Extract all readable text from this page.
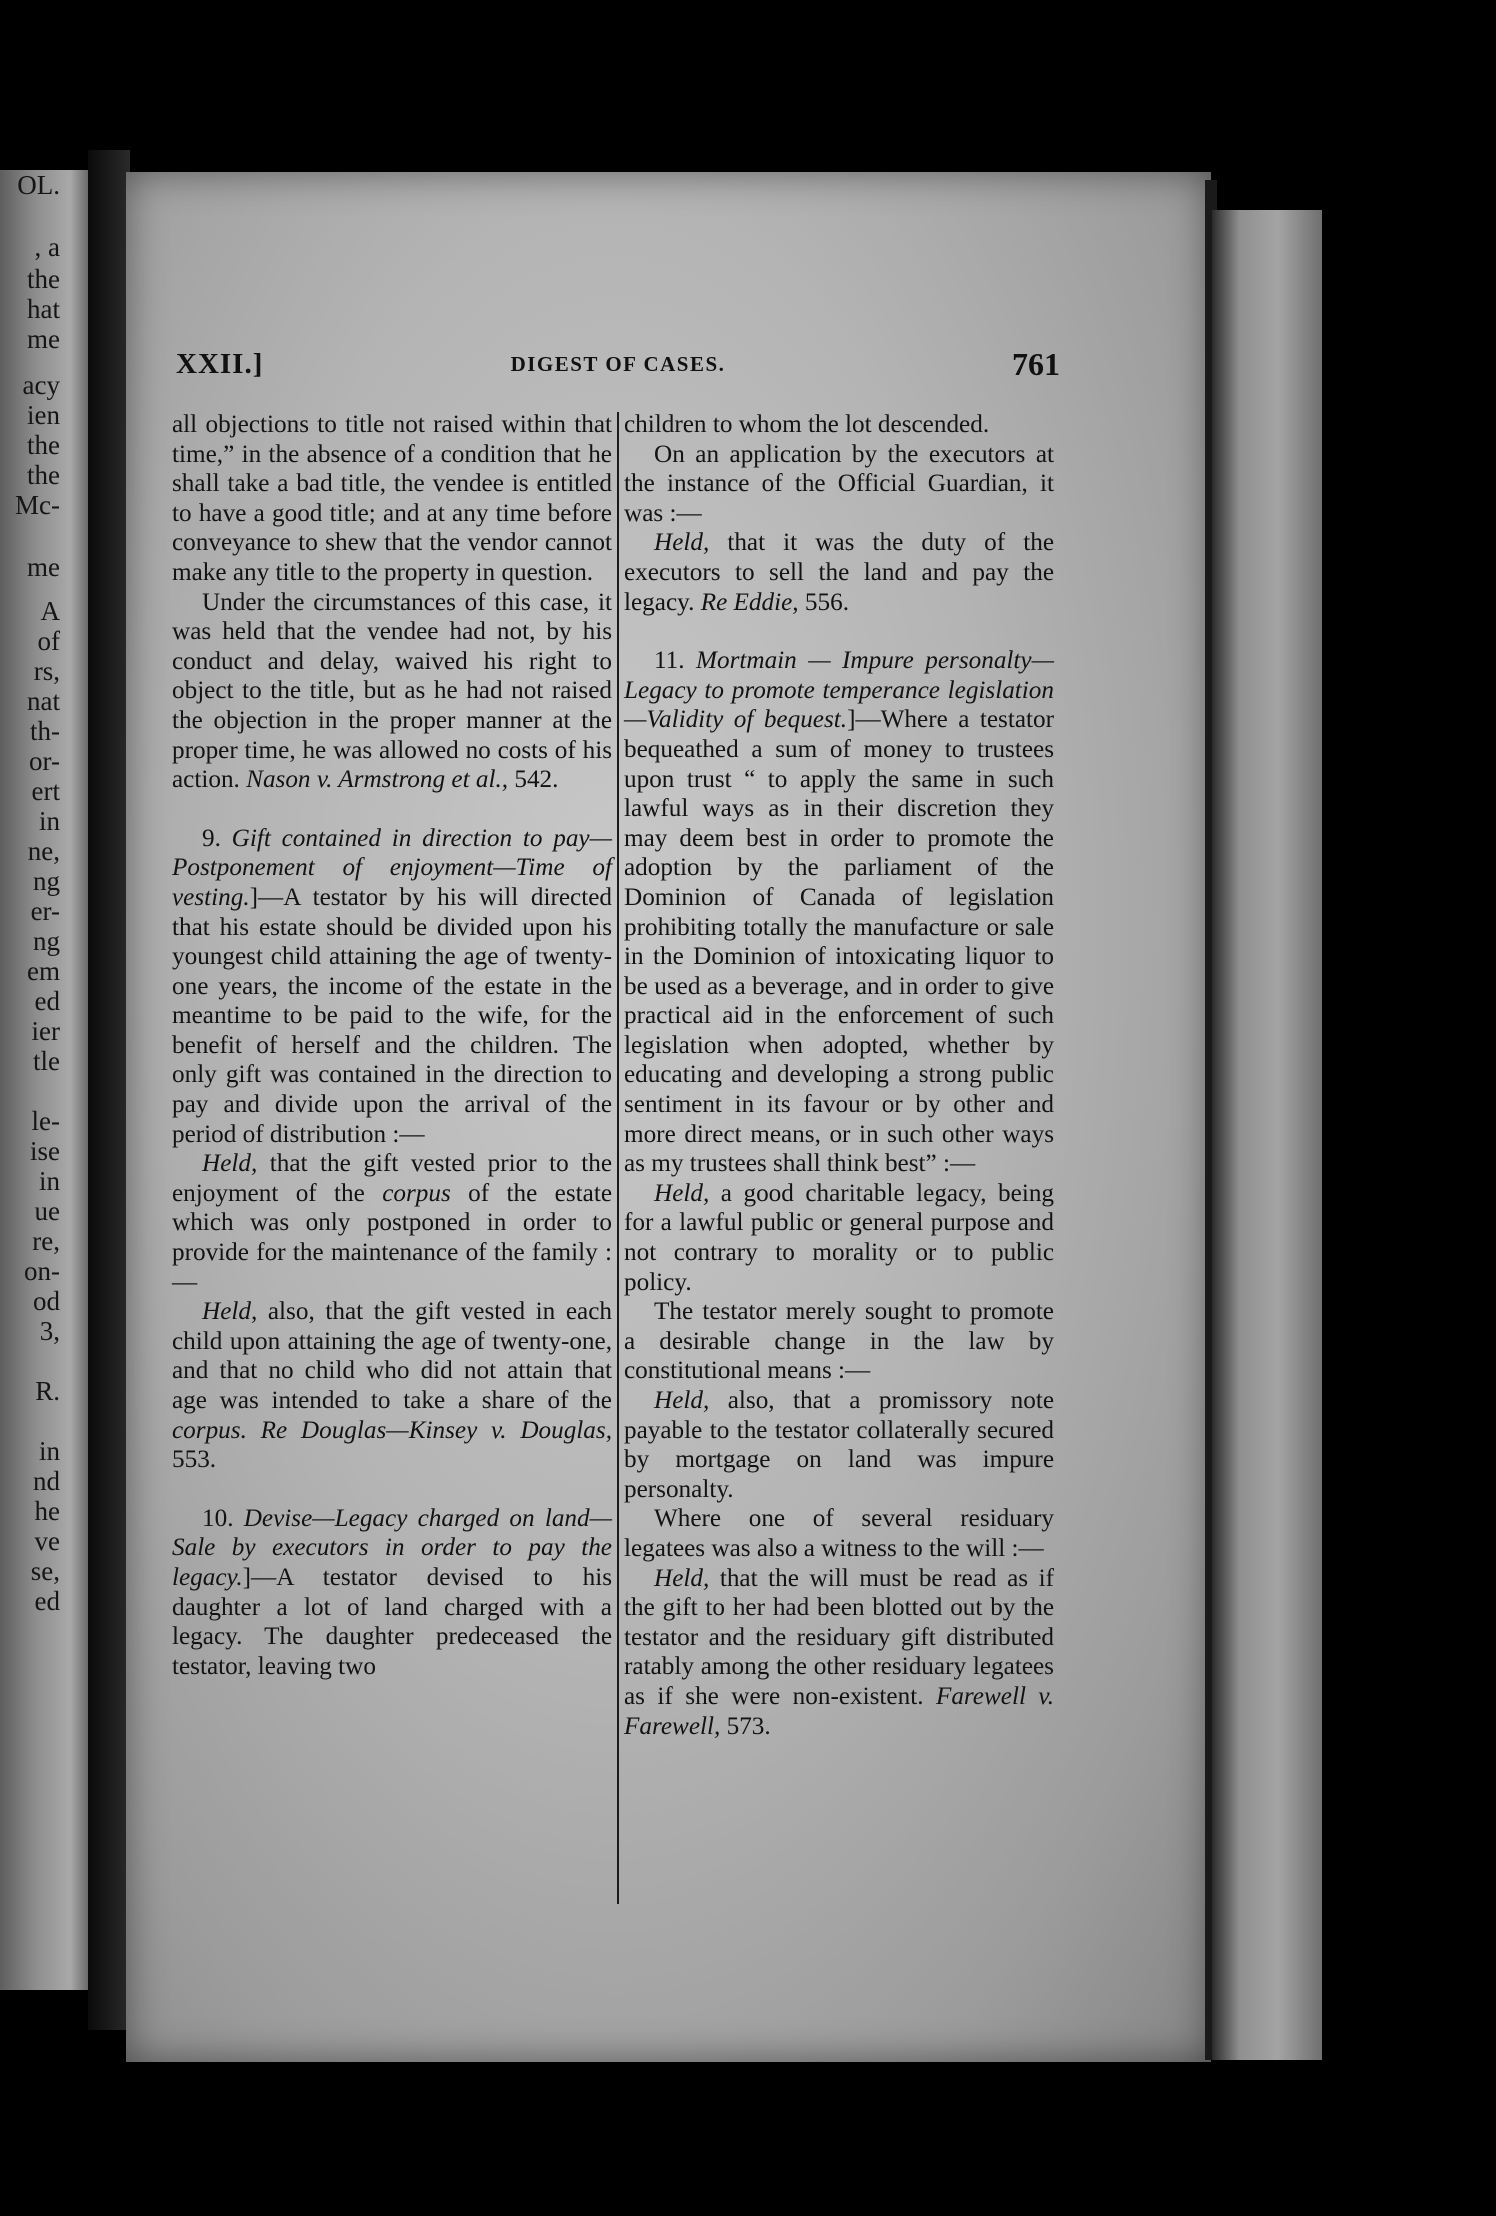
OL.
, a
the
hat
me
acy
ien
the
the
Mc-
me
A
of
rs,
nat
th-
or-
ert
in
ne,
ng
er-
ng
em
ed
ier
tle
le-
ise
in
ue
re,
on-
od
3,
R.
in
nd
he
ve
se,
ed
XXII.]	DIGEST OF CASES.	761

all objections to title not raised within that time,” in the absence of a condition that he shall take a bad title, the vendee is entitled to have a good title; and at any time before conveyance to shew that the vendor cannot make any title to the property in question.

Under the circumstances of this case, it was held that the vendee had not, by his conduct and delay, waived his right to object to the title, but as he had not raised the objection in the proper manner at the proper time, he was allowed no costs of his action. Nason v. Armstrong et al., 542.

9. Gift contained in direction to pay—Postponement of enjoyment—Time of vesting.]—A testator by his will directed that his estate should be divided upon his youngest child attaining the age of twenty-one years, the income of the estate in the meantime to be paid to the wife, for the benefit of herself and the children. The only gift was contained in the direction to pay and divide upon the arrival of the period of distribution :—

Held, that the gift vested prior to the enjoyment of the corpus of the estate which was only postponed in order to provide for the maintenance of the family :—

Held, also, that the gift vested in each child upon attaining the age of twenty-one, and that no child who did not attain that age was intended to take a share of the corpus. Re Douglas—Kinsey v. Douglas, 553.

10. Devise—Legacy charged on land—Sale by executors in order to pay the legacy.]—A testator devised to his daughter a lot of land charged with a legacy. The daughter predeceased the testator, leaving two

children to whom the lot descended.

On an application by the executors at the instance of the Official Guardian, it was :—

Held, that it was the duty of the executors to sell the land and pay the legacy. Re Eddie, 556.

11. Mortmain — Impure personalty—Legacy to promote temperance legislation—Validity of bequest.]—Where a testator bequeathed a sum of money to trustees upon trust “ to apply the same in such lawful ways as in their discretion they may deem best in order to promote the adoption by the parliament of the Dominion of Canada of legislation prohibiting totally the manufacture or sale in the Dominion of intoxicating liquor to be used as a beverage, and in order to give practical aid in the enforcement of such legislation when adopted, whether by educating and developing a strong public sentiment in its favour or by other and more direct means, or in such other ways as my trustees shall think best” :—

Held, a good charitable legacy, being for a lawful public or general purpose and not contrary to morality or to public policy.

The testator merely sought to promote a desirable change in the law by constitutional means :—

Held, also, that a promissory note payable to the testator collaterally secured by mortgage on land was impure personalty.

Where one of several residuary legatees was also a witness to the will :—

Held, that the will must be read as if the gift to her had been blotted out by the testator and the residuary gift distributed ratably among the other residuary legatees as if she were non-existent. Farewell v. Farewell, 573.
